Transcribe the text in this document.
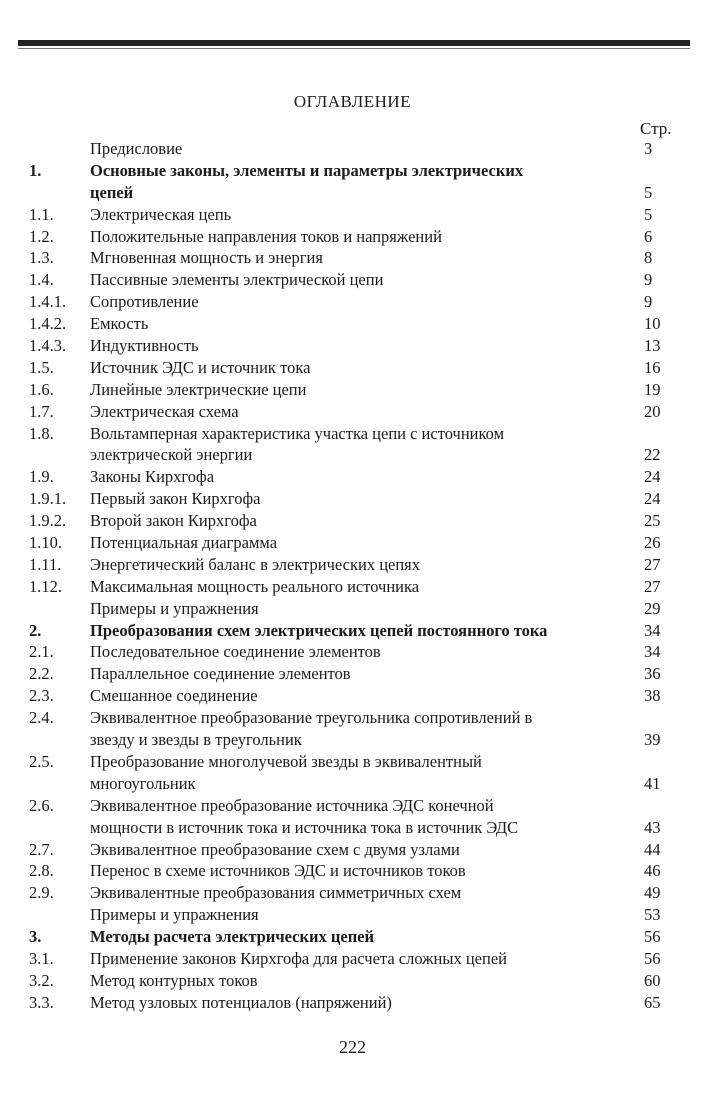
ОГЛАВЛЕНИЕ
Стр.
Предисловие	3
1.	Основные законы, элементы и параметры электрических
цепей	5
1.1. Электрическая цепь	5
1.2. Положительные направления токов и напряжений	6
1.3. Мгновенная мощность и энергия	8
1.4. Пассивные элементы электрической цепи	9
1.4.1. Сопротивление	9
1.4.2. Емкость	10
1.4.3. Индуктивность	13
1.5. Источник ЭДС и источник тока	16
1.6. Линейные электрические цепи	19
1.7. Электрическая схема	20
1.8. Вольтамперная характеристика участка цепи с источником
электрической энергии	22
1.9. Законы Кирхгофа	24
1.9.1. Первый закон Кирхгофа	24
1.9.2. Второй закон Кирхгофа	25
1.10. Потенциальная диаграмма	26
1.11. Энергетический баланс в электрических цепях	27
1.12. Максимальная мощность реального источника	27
Примеры и упражнения	29
2.	Преобразования схем электрических цепей постоянного тока	34
2.1. Последовательное соединение элементов	34
2.2. Параллельное соединение элементов	36
2.3. Смешанное соединение	38
2.4. Эквивалентное преобразование треугольника сопротивлений в
звезду и звезды в треугольник	39
2.5. Преобразование многолучевой звезды в эквивалентный
многоугольник	41
2.6. Эквивалентное преобразование источника ЭДС конечной
мощности в источник тока и источника тока в источник ЭДС	43
2.7. Эквивалентное преобразование схем с двумя узлами	44
2.8. Перенос в схеме источников ЭДС и источников токов	46
2.9. Эквивалентные преобразования симметричных схем	49
Примеры и упражнения	53
3.	Методы расчета электрических цепей	56
3.1. Применение законов Кирхгофа для расчета сложных цепей	56
3.2. Метод контурных токов	60
3.3. Метод узловых потенциалов (напряжений)	65
222
